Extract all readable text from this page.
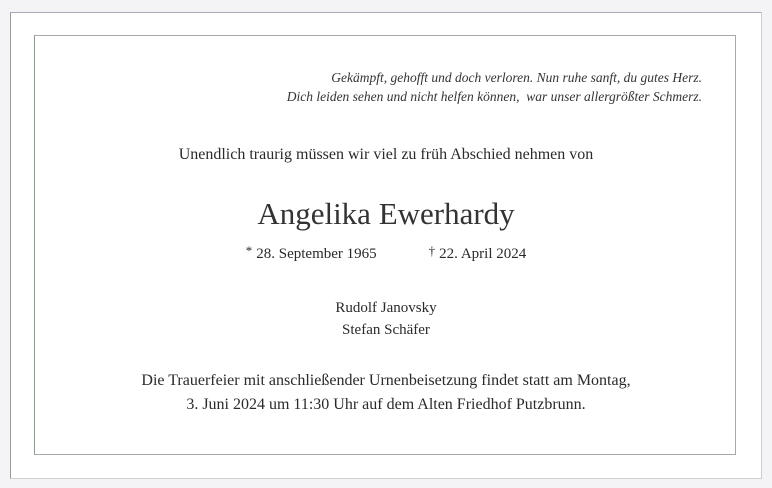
Gekämpft, gehofft und doch verloren. Nun ruhe sanft, du gutes Herz.
Dich leiden sehen und nicht helfen können,  war unser allergrößter Schmerz.
Unendlich traurig müssen wir viel zu früh Abschied nehmen von
Angelika Ewerhardy
* 28. September 1965	† 22. April 2024
Rudolf Janovsky
Stefan Schäfer
Die Trauerfeier mit anschließender Urnenbeisetzung findet statt am Montag,
3. Juni 2024 um 11:30 Uhr auf dem Alten Friedhof Putzbrunn.
